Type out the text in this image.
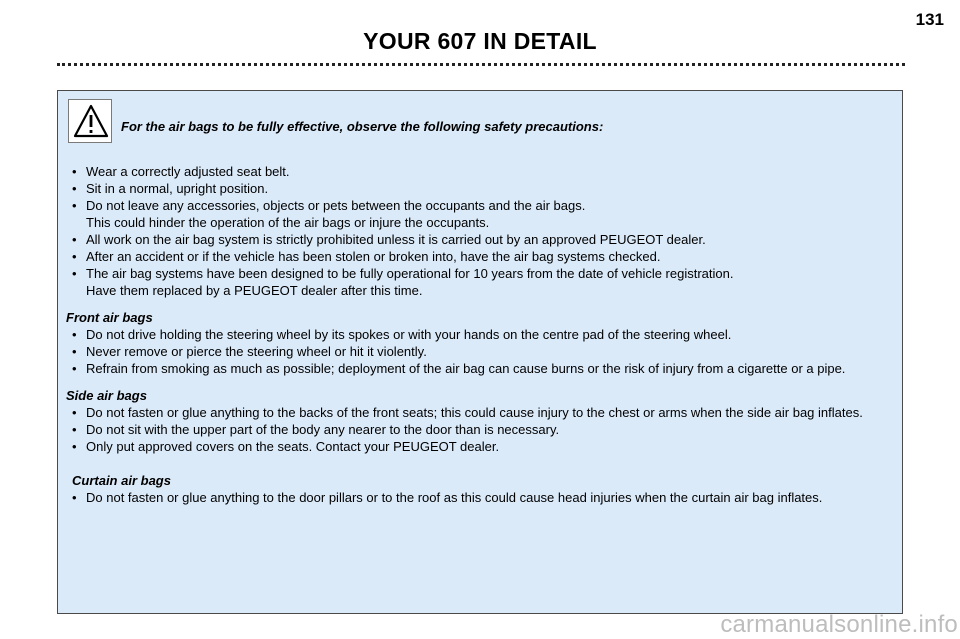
YOUR 607 IN DETAIL
131
For the air bags to be fully effective, observe the following safety precautions:
• Wear a correctly adjusted seat belt.
• Sit in a normal, upright position.
• Do not leave any accessories, objects or pets between the occupants and the air bags.
This could hinder the operation of the air bags or injure the occupants.
• All work on the air bag system is strictly prohibited unless it is carried out by an approved PEUGEOT dealer.
• After an accident or if the vehicle has been stolen or broken into, have the air bag systems checked.
• The air bag systems have been designed to be fully operational for 10 years from the date of vehicle registration.
Have them replaced by a PEUGEOT dealer after this time.
Front air bags
• Do not drive holding the steering wheel by its spokes or with your hands on the centre pad of the steering wheel.
• Never remove or pierce the steering wheel or hit it violently.
• Refrain from smoking as much as possible; deployment of the air bag can cause burns or the risk of injury from a cigarette or a pipe.
Side air bags
• Do not fasten or glue anything to the backs of the front seats; this could cause injury to the chest or arms when the side air bag inflates.
• Do not sit with the upper part of the body any nearer to the door than is necessary.
• Only put approved covers on the seats. Contact your PEUGEOT dealer.
Curtain air bags
• Do not fasten or glue anything to the door pillars or to the roof as this could cause head injuries when the curtain air bag inflates.
carmanualsonline.info
